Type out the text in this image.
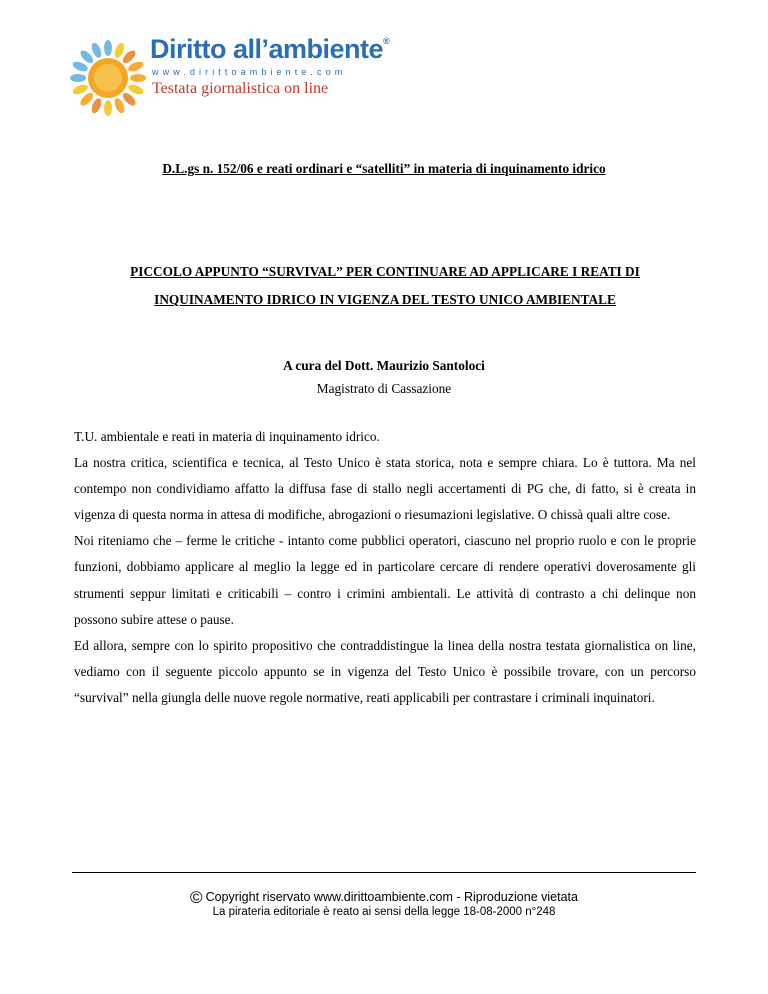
Diritto all’ambiente®
www.dirittoambiente.com
Testata giornalistica on line
D.L.gs n. 152/06 e reati ordinari e “satelliti” in materia di inquinamento idrico
PICCOLO APPUNTO “SURVIVAL” PER CONTINUARE AD APPLICARE I REATI DI
INQUINAMENTO IDRICO IN VIGENZA DEL TESTO UNICO AMBIENTALE
A cura del Dott. Maurizio Santoloci
Magistrato di Cassazione

T.U. ambientale e reati in materia di inquinamento idrico.

La nostra critica, scientifica e tecnica, al Testo Unico è stata storica, nota e sempre chiara. Lo è tuttora. Ma nel contempo non condividiamo affatto la diffusa fase di stallo negli accertamenti di PG che, di fatto, si è creata in vigenza di questa norma in attesa di modifiche, abrogazioni o riesumazioni legislative. O chissà quali altre cose.

Noi riteniamo che – ferme le critiche - intanto come pubblici operatori, ciascuno nel proprio ruolo e con le proprie funzioni, dobbiamo applicare al meglio la legge ed in particolare cercare di rendere operativi doverosamente gli strumenti seppur limitati e criticabili – contro i crimini ambientali. Le attività di contrasto a chi delinque non possono subire attese o pause.

Ed allora, sempre con lo spirito propositivo che contraddistingue la linea della nostra testata giornalistica on line, vediamo con il seguente piccolo appunto se in vigenza del Testo Unico è possibile trovare, con un percorso “survival” nella giungla delle nuove regole normative, reati applicabili per contrastare i criminali inquinatori.

© Copyright riservato www.dirittoambiente.com - Riproduzione vietata
La pirateria editoriale è reato ai sensi della legge 18-08-2000 n°248
